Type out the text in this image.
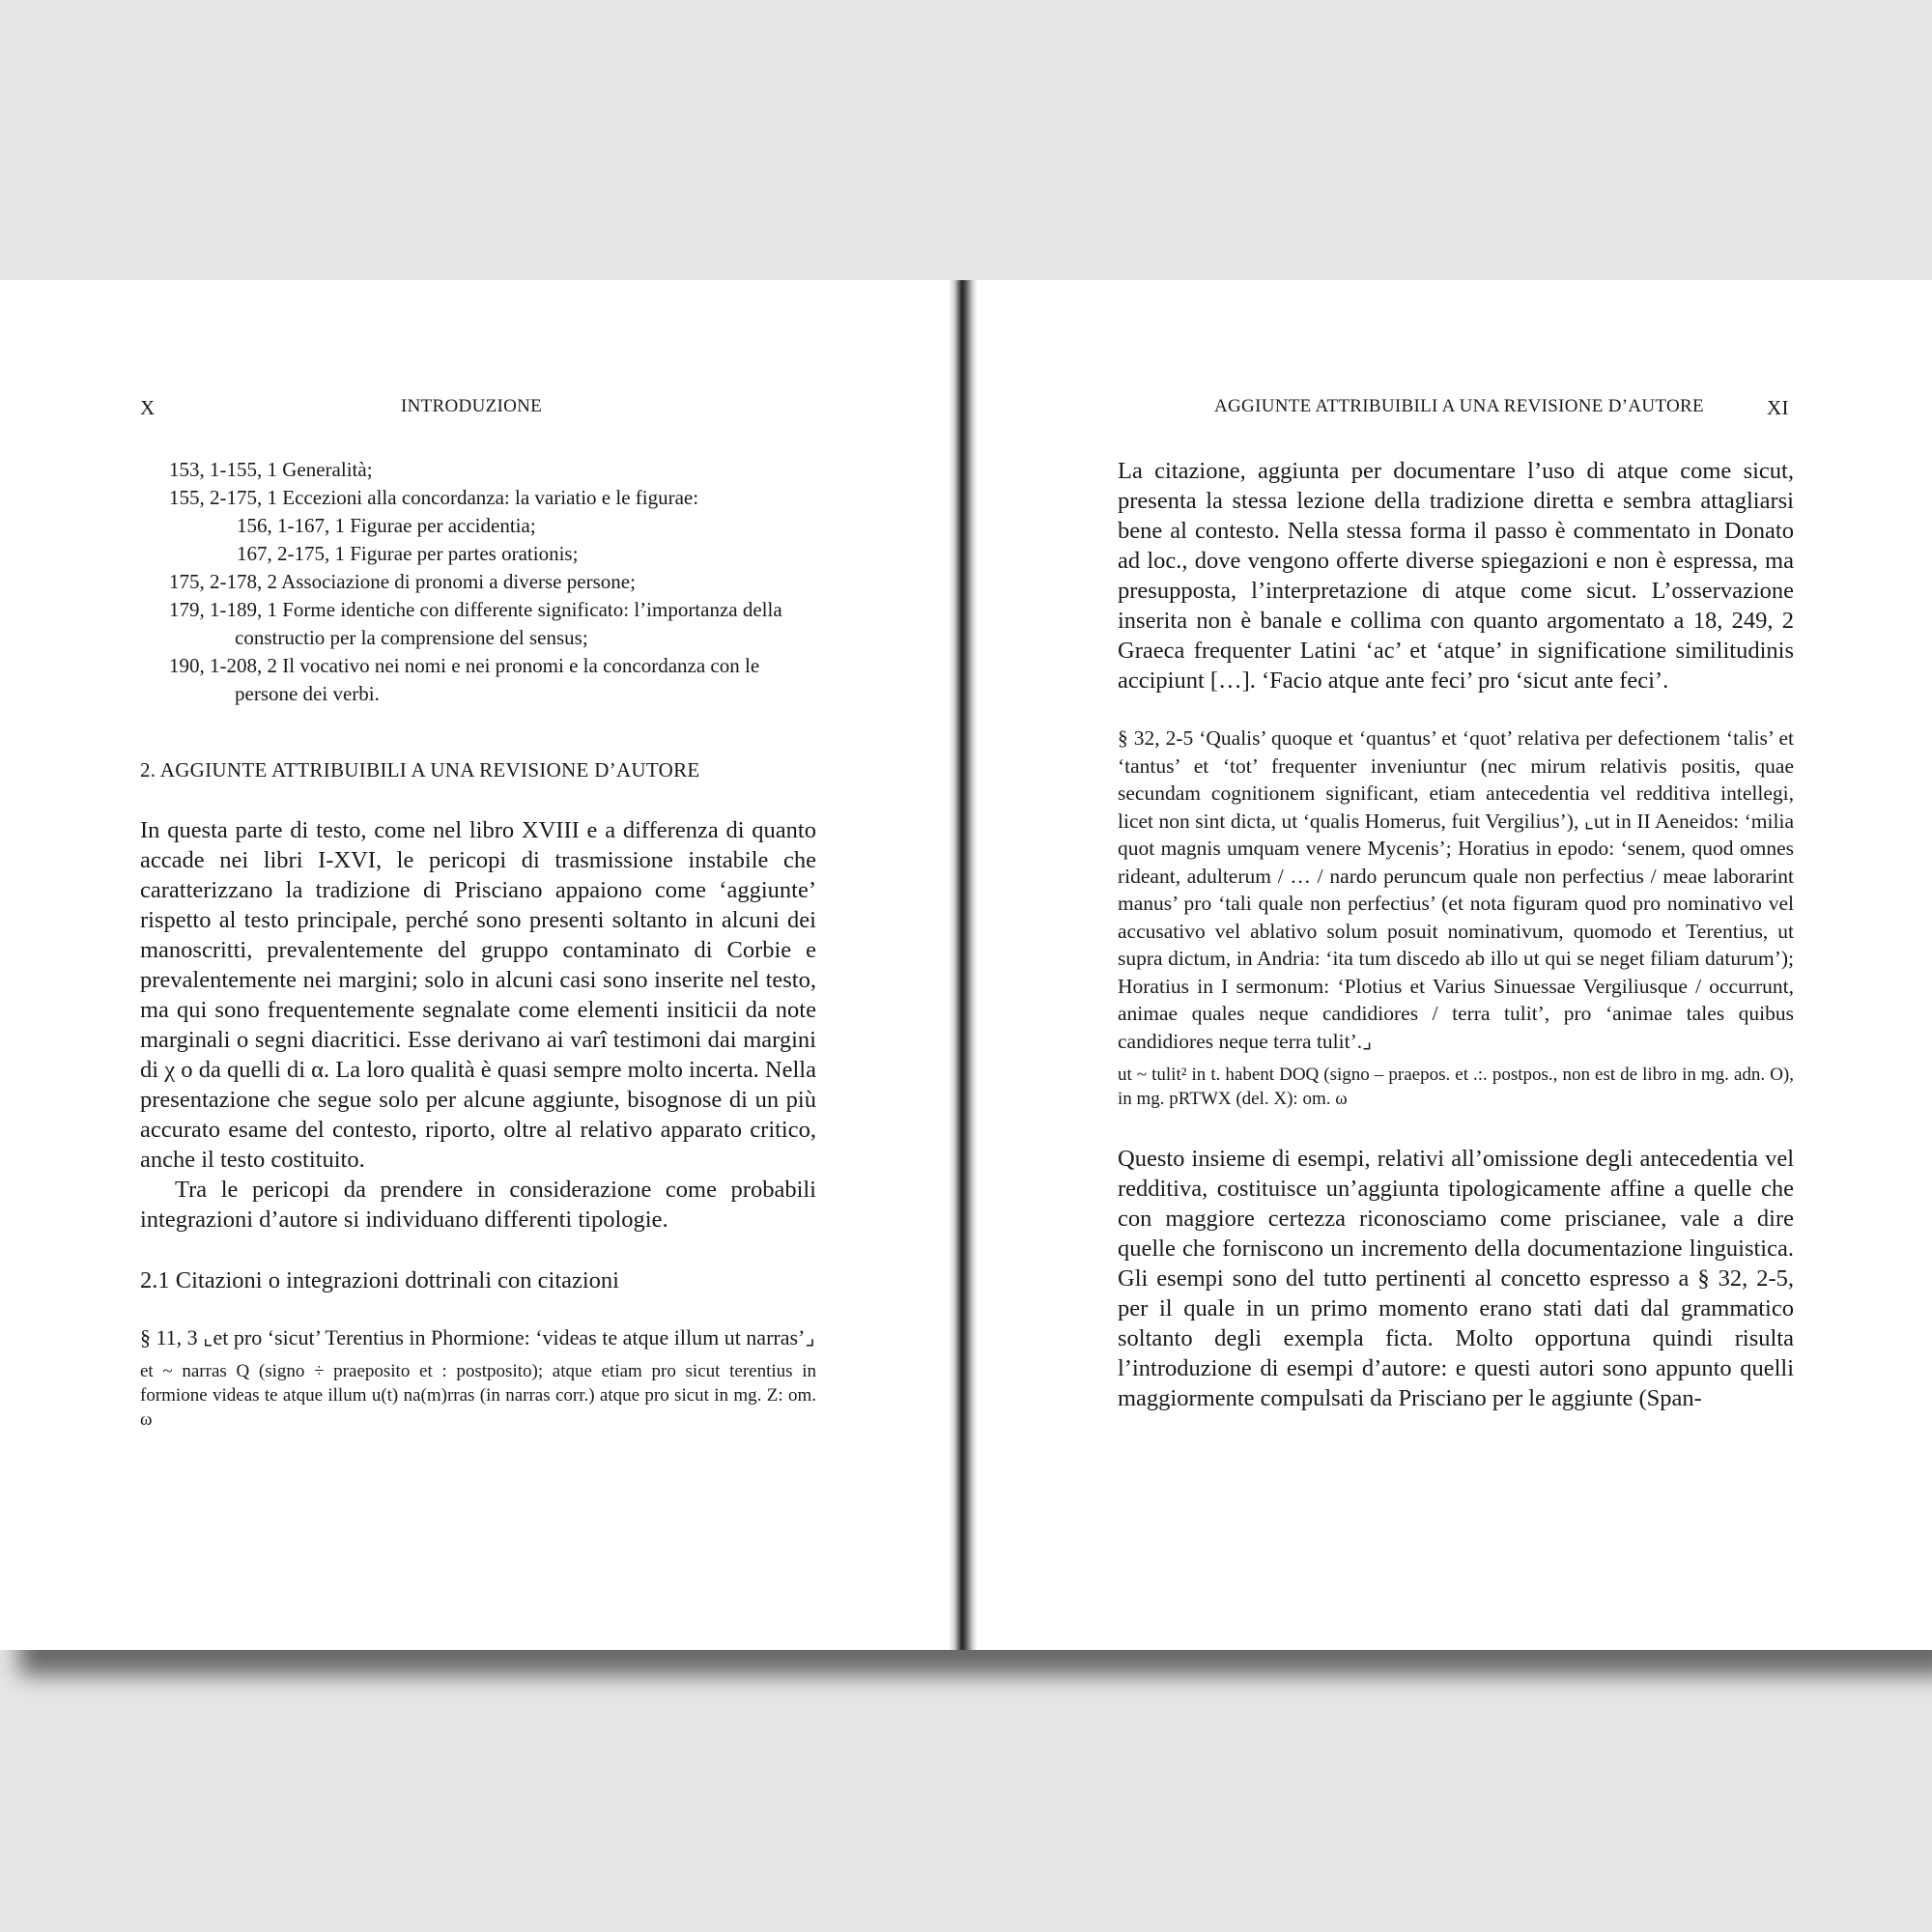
X	INTRODUZIONE
153, 1-155, 1 Generalità;
155, 2-175, 1 Eccezioni alla concordanza: la variatio e le figurae:
156, 1-167, 1 Figurae per accidentia;
167, 2-175, 1 Figurae per partes orationis;
175, 2-178, 2 Associazione di pronomi a diverse persone;
179, 1-189, 1 Forme identiche con differente significato: l’importanza della constructio per la comprensione del sensus;
190, 1-208, 2 Il vocativo nei nomi e nei pronomi e la concordanza con le persone dei verbi.
2. AGGIUNTE ATTRIBUIBILI A UNA REVISIONE D’AUTORE

In questa parte di testo, come nel libro XVIII e a differenza di quanto accade nei libri I-XVI, le pericopi di trasmissione instabile che caratterizzano la tradizione di Prisciano appaiono come ‘aggiunte’ rispetto al testo principale, perché sono presenti soltanto in alcuni dei manoscritti, prevalentemente del gruppo contaminato di Corbie e prevalentemente nei margini; solo in alcuni casi sono inserite nel testo, ma qui sono frequentemente segnalate come elementi insiticii da note marginali o segni diacritici. Esse derivano ai varî testimoni dai margini di χ o da quelli di α. La loro qualità è quasi sempre molto incerta. Nella presentazione che segue solo per alcune aggiunte, bisognose di un più accurato esame del contesto, riporto, oltre al relativo apparato critico, anche il testo costituito.

Tra le pericopi da prendere in considerazione come probabili integrazioni d’autore si individuano differenti tipologie.

2.1 Citazioni o integrazioni dottrinali con citazioni
§ 11, 3 ⌞et pro ‘sicut’ Terentius in Phormione: ‘videas te atque illum ut narras’⌟
et ~ narras Q (signo ÷ praeposito et : postposito); atque etiam pro sicut terentius in formione videas te atque illum u(t) na(m)rras (in narras corr.) atque pro sicut in mg. Z: om. ω
AGGIUNTE ATTRIBUIBILI A UNA REVISIONE D’AUTORE	XI

La citazione, aggiunta per documentare l’uso di atque come sicut, presenta la stessa lezione della tradizione diretta e sembra attagliarsi bene al contesto. Nella stessa forma il passo è commentato in Donato ad loc., dove vengono offerte diverse spiegazioni e non è espressa, ma presupposta, l’interpretazione di atque come sicut. L’osservazione inserita non è banale e collima con quanto argomentato a 18, 249, 2 Graeca frequenter Latini ‘ac’ et ‘atque’ in significatione similitudinis accipiunt […]. ‘Facio atque ante feci’ pro ‘sicut ante feci’.

§ 32, 2-5 ‘Qualis’ quoque et ‘quantus’ et ‘quot’ relativa per defectionem ‘talis’ et ‘tantus’ et ‘tot’ frequenter inveniuntur (nec mirum relativis positis, quae secundam cognitionem significant, etiam antecedentia vel redditiva intellegi, licet non sint dicta, ut ‘qualis Homerus, fuit Vergilius’), ⌞ut in II Aeneidos: ‘milia quot magnis umquam venere Mycenis’; Horatius in epodo: ‘senem, quod omnes rideant, adulterum / … / nardo peruncum quale non perfectius / meae laborarint manus’ pro ‘tali quale non perfectius’ (et nota figuram quod pro nominativo vel accusativo vel ablativo solum posuit nominativum, quomodo et Terentius, ut supra dictum, in Andria: ‘ita tum discedo ab illo ut qui se neget filiam daturum’); Horatius in I sermonum: ‘Plotius et Varius Sinuessae Vergiliusque / occurrunt, animae quales neque candidiores / terra tulit’, pro ‘animae tales quibus candidiores neque terra tulit’.⌟
ut ~ tulit² in t. habent DOQ (signo – praepos. et .:. postpos., non est de libro in mg. adn. O), in mg. pRTWX (del. X): om. ω

Questo insieme di esempi, relativi all’omissione degli antecedentia vel redditiva, costituisce un’aggiunta tipologicamente affine a quelle che con maggiore certezza riconosciamo come priscianee, vale a dire quelle che forniscono un incremento della documentazione linguistica. Gli esempi sono del tutto pertinenti al concetto espresso a § 32, 2-5, per il quale in un primo momento erano stati dati dal grammatico soltanto degli exempla ficta. Molto opportuna quindi risulta l’introduzione di esempi d’autore: e questi autori sono appunto quelli maggiormente compulsati da Prisciano per le aggiunte (Span-
